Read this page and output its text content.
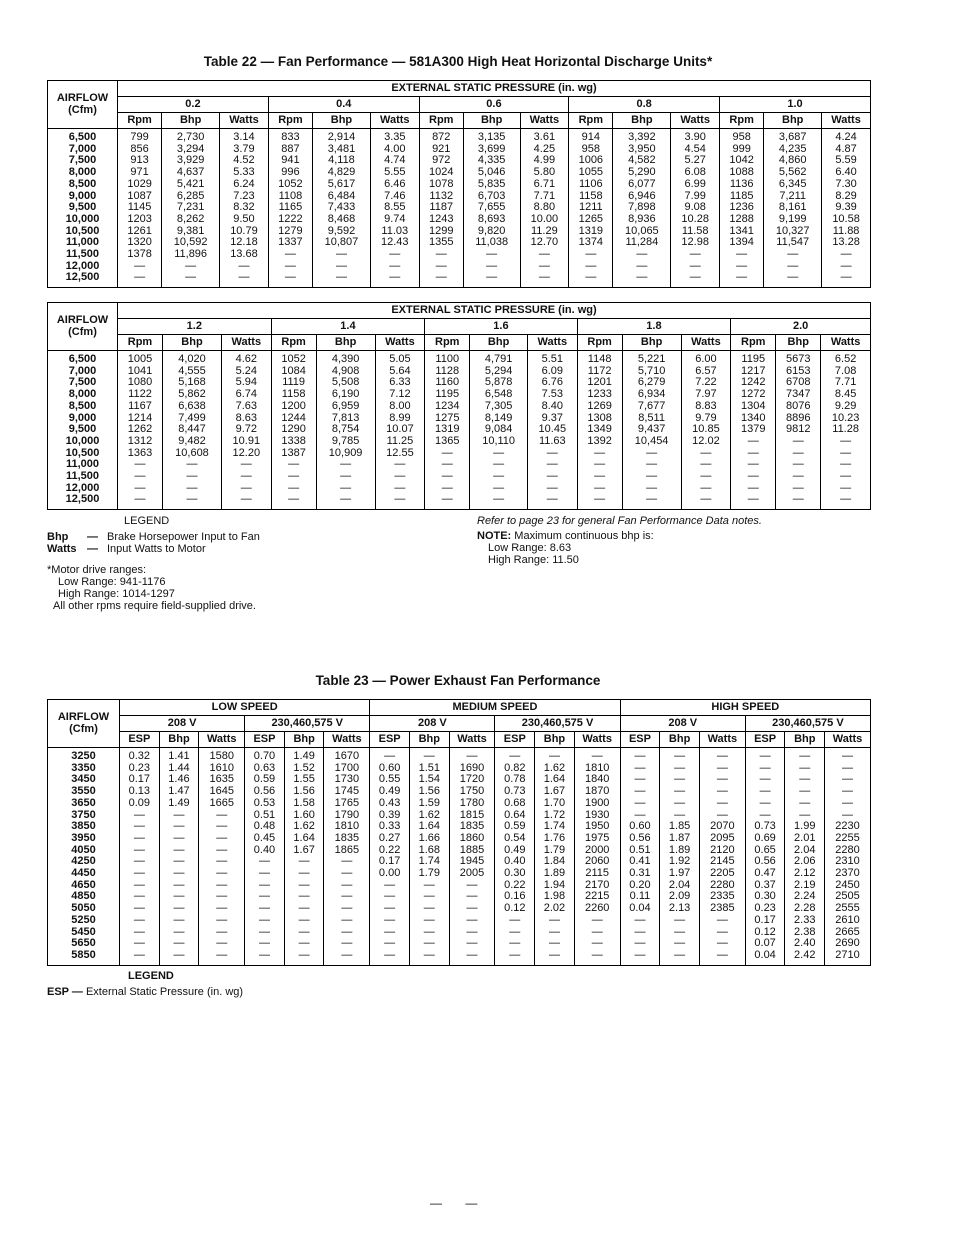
Table 22 — Fan Performance — 581A300 High Heat Horizontal Discharge Units*
AIRFLOW
(Cfm)	EXTERNAL STATIC PRESSURE (in. wg)														
	0.2			0.4			0.6			0.8			1.0		
	Rpm	Bhp	Watts	Rpm	Bhp	Watts	Rpm	Bhp	Watts	Rpm	Bhp	Watts	Rpm	Bhp	Watts
6,500	799	2,730	3.14	833	2,914	3.35	872	3,135	3.61	914	3,392	3.90	958	3,687	4.24
7,000	856	3,294	3.79	887	3,481	4.00	921	3,699	4.25	958	3,950	4.54	999	4,235	4.87
7,500	913	3,929	4.52	941	4,118	4.74	972	4,335	4.99	1006	4,582	5.27	1042	4,860	5.59
8,000	971	4,637	5.33	996	4,829	5.55	1024	5,046	5.80	1055	5,290	6.08	1088	5,562	6.40
8,500	1029	5,421	6.24	1052	5,617	6.46	1078	5,835	6.71	1106	6,077	6.99	1136	6,345	7.30
9,000	1087	6,285	7.23	1108	6,484	7.46	1132	6,703	7.71	1158	6,946	7.99	1185	7,211	8.29
9,500	1145	7,231	8.32	1165	7,433	8.55	1187	7,655	8.80	1211	7,898	9.08	1236	8,161	9.39
10,000	1203	8,262	9.50	1222	8,468	9.74	1243	8,693	10.00	1265	8,936	10.28	1288	9,199	10.58
10,500	1261	9,381	10.79	1279	9,592	11.03	1299	9,820	11.29	1319	10,065	11.58	1341	10,327	11.88
11,000	1320	10,592	12.18	1337	10,807	12.43	1355	11,038	12.70	1374	11,284	12.98	1394	11,547	13.28
11,500	1378	11,896	13.68	—	—	—	—	—	—	—	—	—	—	—	—
12,000	—	—	—	—	—	—	—	—	—	—	—	—	—	—	—
12,500	—	—	—	—	—	—	—	—	—	—	—	—	—	—	—
AIRFLOW
(Cfm)	EXTERNAL STATIC PRESSURE (in. wg)														
	1.2			1.4			1.6			1.8			2.0		
	Rpm	Bhp	Watts	Rpm	Bhp	Watts	Rpm	Bhp	Watts	Rpm	Bhp	Watts	Rpm	Bhp	Watts
6,500	1005	4,020	4.62	1052	4,390	5.05	1100	4,791	5.51	1148	5,221	6.00	1195	5673	6.52
7,000	1041	4,555	5.24	1084	4,908	5.64	1128	5,294	6.09	1172	5,710	6.57	1217	6153	7.08
7,500	1080	5,168	5.94	1119	5,508	6.33	1160	5,878	6.76	1201	6,279	7.22	1242	6708	7.71
8,000	1122	5,862	6.74	1158	6,190	7.12	1195	6,548	7.53	1233	6,934	7.97	1272	7347	8.45
8,500	1167	6,638	7.63	1200	6,959	8.00	1234	7,305	8.40	1269	7,677	8.83	1304	8076	9.29
9,000	1214	7,499	8.63	1244	7,813	8.99	1275	8,149	9.37	1308	8,511	9.79	1340	8896	10.23
9,500	1262	8,447	9.72	1290	8,754	10.07	1319	9,084	10.45	1349	9,437	10.85	1379	9812	11.28
10,000	1312	9,482	10.91	1338	9,785	11.25	1365	10,110	11.63	1392	10,454	12.02	—	—	—
10,500	1363	10,608	12.20	1387	10,909	12.55	—	—	—	—	—	—	—	—	—
11,000	—	—	—	—	—	—	—	—	—	—	—	—	—	—	—
11,500	—	—	—	—	—	—	—	—	—	—	—	—	—	—	—
12,000	—	—	—	—	—	—	—	—	—	—	—	—	—	—	—
12,500	—	—	—	—	—	—	—	—	—	—	—	—	—	—	—
LEGEND
Bhp — Brake Horsepower Input to Fan
Watts — Input Watts to Motor
*Motor drive ranges:
Low Range: 941-1176
High Range: 1014-1297
All other rpms require field-supplied drive.
Refer to page 23 for general Fan Performance Data notes.
NOTE: Maximum continuous bhp is:
Low Range: 8.63
High Range: 11.50
Table 23 — Power Exhaust Fan Performance
AIRFLOW
(Cfm)	LOW SPEED						MEDIUM SPEED						HIGH SPEED					
	208 V			230,460,575 V			208 V			230,460,575 V			208 V			230,460,575 V		
	ESP	Bhp	Watts	ESP	Bhp	Watts	ESP	Bhp	Watts	ESP	Bhp	Watts	ESP	Bhp	Watts	ESP	Bhp	Watts
3250	0.32	1.41	1580	0.70	1.49	1670	—	—	—	—	—	—	—	—	—	—	—	—
3350	0.23	1.44	1610	0.63	1.52	1700	0.60	1.51	1690	0.82	1.62	1810	—	—	—	—	—	—
3450	0.17	1.46	1635	0.59	1.55	1730	0.55	1.54	1720	0.78	1.64	1840	—	—	—	—	—	—
3550	0.13	1.47	1645	0.56	1.56	1745	0.49	1.56	1750	0.73	1.67	1870	—	—	—	—	—	—
3650	0.09	1.49	1665	0.53	1.58	1765	0.43	1.59	1780	0.68	1.70	1900	—	—	—	—	—	—
3750	—	—	—	0.51	1.60	1790	0.39	1.62	1815	0.64	1.72	1930	—	—	—	—	—	—
3850	—	—	—	0.48	1.62	1810	0.33	1.64	1835	0.59	1.74	1950	0.60	1.85	2070	0.73	1.99	2230
3950	—	—	—	0.45	1.64	1835	0.27	1.66	1860	0.54	1.76	1975	0.56	1.87	2095	0.69	2.01	2255
4050	—	—	—	0.40	1.67	1865	0.22	1.68	1885	0.49	1.79	2000	0.51	1.89	2120	0.65	2.04	2280
4250	—	—	—	—	—	—	0.17	1.74	1945	0.40	1.84	2060	0.41	1.92	2145	0.56	2.06	2310
4450	—	—	—	—	—	—	0.00	1.79	2005	0.30	1.89	2115	0.31	1.97	2205	0.47	2.12	2370
4650	—	—	—	—	—	—	—	—	—	0.22	1.94	2170	0.20	2.04	2280	0.37	2.19	2450
4850	—	—	—	—	—	—	—	—	—	0.16	1.98	2215	0.11	2.09	2335	0.30	2.24	2505
5050	—	—	—	—	—	—	—	—	—	0.12	2.02	2260	0.04	2.13	2385	0.23	2.28	2555
5250	—	—	—	—	—	—	—	—	—	—	—	—	—	—	—	0.17	2.33	2610
5450	—	—	—	—	—	—	—	—	—	—	—	—	—	—	—	0.12	2.38	2665
5650	—	—	—	—	—	—	—	—	—	—	—	—	—	—	—	0.07	2.40	2690
5850	—	—	—	—	—	—	—	—	—	—	—	—	—	—	—	0.04	2.42	2710
LEGEND
ESP — External Static Pressure (in. wg)
— —
